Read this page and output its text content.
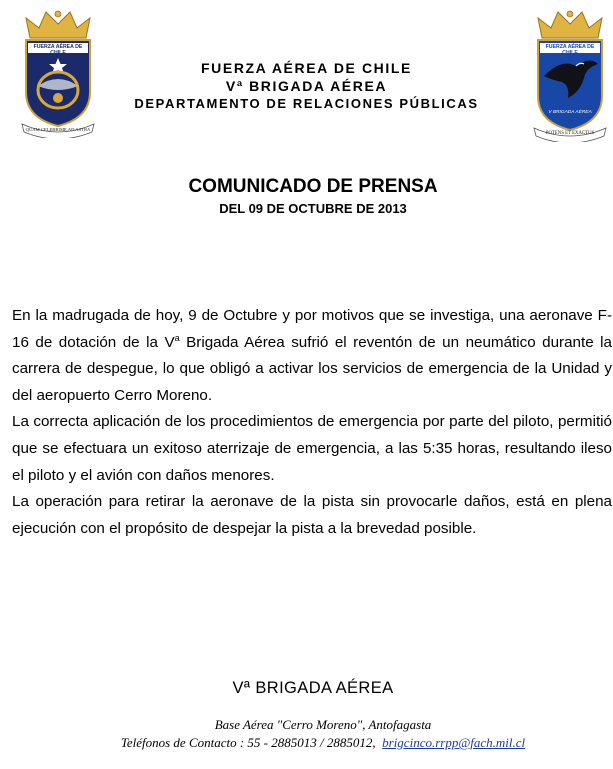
FUERZA AÉREA DE CHILE
QUAM CELERRIME AD ASTRA
FUERZA AÉREA DE CHILE
V BRIGADA AÉREA
POTENS ET EXACTUS
FUERZA AÉREA DE CHILE
Vª BRIGADA AÉREA
DEPARTAMENTO DE RELACIONES PÚBLICAS
COMUNICADO DE PRENSA
DEL 09 DE OCTUBRE DE 2013

En la madrugada de hoy, 9 de Octubre y por motivos que se investiga, una aeronave F-16 de dotación de la $V^a$ Brigada Aérea sufrió el reventón de un neumático durante la carrera de despegue, lo que obligó a activar los servicios de emergencia de la Unidad y del aeropuerto Cerro Moreno.

La correcta aplicación de los procedimientos de emergencia por parte del piloto, permitió que se efectuara un exitoso aterrizaje de emergencia, a las 5:35 horas, resultando ileso el piloto y el avión con daños menores.

La operación para retirar la aeronave de la pista sin provocarle daños, está en plena ejecución con el propósito de despejar la pista a la brevedad posible.

Vª BRIGADA AÉREA
Base Aérea "Cerro Moreno", Antofagasta
Teléfonos de Contacto : 55 - 2885013 / 2885012, brigcinco.rrpp@fach.mil.cl
